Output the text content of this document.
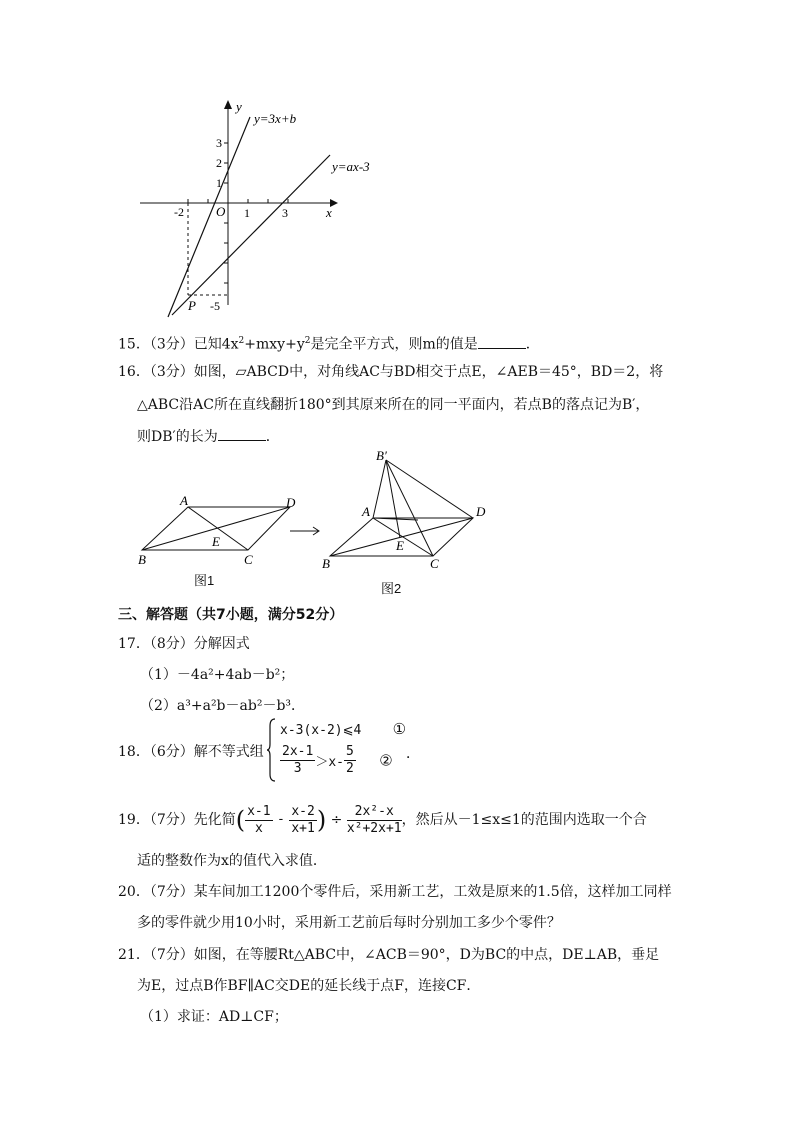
y=3x+b
y=ax-3
x
y
O
3
2
1
-2	1	3
-5
P
15．（3分）已知$4x^2+mxy+y^2$是完全平方式，则m的值是	．
16．（3分）如图，▱ABCD中，对角线AC与BD相交于点E，∠AEB＝45°，BD＝2，将
△ABC沿AC所在直线翻折180°到其原来所在的同一平面内，若点B的落点记为B′，
则DB′的长为	．
A	D
B	C
E
图1
B′
A	D
B	C
E
图2
三、解答题（共7小题，满分52分）
17．（8分）分解因式
（1）－4a²+4ab－b²；
（2）a³+a²b－ab²－b³．
18．（6分）解不等式组
x-3(x-2)⩽4 ①
$\frac{2x-1}{3} >x- \frac{5}{2}$ ② ．
19．（7分）先化简( $\frac{x-1}{x} - \frac{x-2}{x+1}$ ) ÷ $\frac{\text{2x²-x}}{\text{x²+2x+1}}$ ，然后从－1≤x≤1的范围内选取一个合
适的整数作为x的值代入求值．
20．（7分）某车间加工1200个零件后，采用新工艺，工效是原来的1.5倍，这样加工同样
多的零件就少用10小时，采用新工艺前后每时分别加工多少个零件？
21．（7分）如图，在等腰Rt△ABC中，∠ACB＝90°，D为BC的中点，DE⊥AB，垂足
为E，过点B作BF∥AC交DE的延长线于点F，连接CF．
（1）求证：AD⊥CF；
